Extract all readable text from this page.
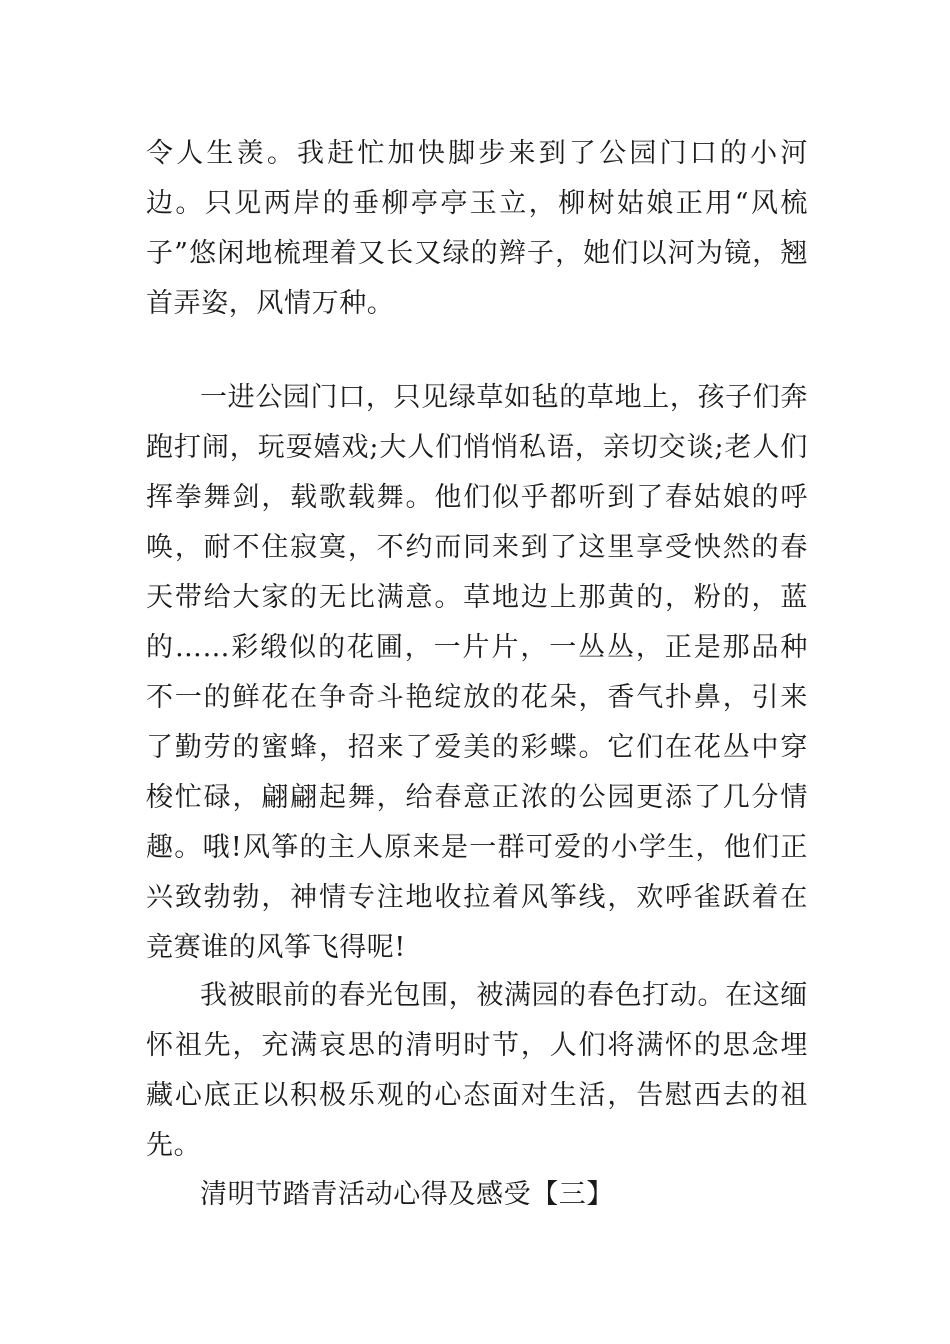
令人生羡。我赶忙加快脚步来到了公园门口的小河边。只见两岸的垂柳亭亭玉立，柳树姑娘正用“风梳子”悠闲地梳理着又长又绿的辫子，她们以河为镜，翘首弄姿，风情万种。

一进公园门口，只见绿草如毡的草地上，孩子们奔跑打闹，玩耍嬉戏;大人们悄悄私语，亲切交谈;老人们挥拳舞剑，载歌载舞。他们似乎都听到了春姑娘的呼唤，耐不住寂寞，不约而同来到了这里享受怏然的春天带给大家的无比满意。草地边上那黄的，粉的，蓝的……彩缎似的花圃，一片片，一丛丛，正是那品种不一的鲜花在争奇斗艳绽放的花朵，香气扑鼻，引来了勤劳的蜜蜂，招来了爱美的彩蝶。它们在花丛中穿梭忙碌，翩翩起舞，给春意正浓的公园更添了几分情趣。哦!风筝的主人原来是一群可爱的小学生，他们正兴致勃勃，神情专注地收拉着风筝线，欢呼雀跃着在竞赛谁的风筝飞得呢!

我被眼前的春光包围，被满园的春色打动。在这缅怀祖先，充满哀思的清明时节，人们将满怀的思念埋藏心底正以积极乐观的心态面对生活，告慰西去的祖先。

清明节踏青活动心得及感受【三】
